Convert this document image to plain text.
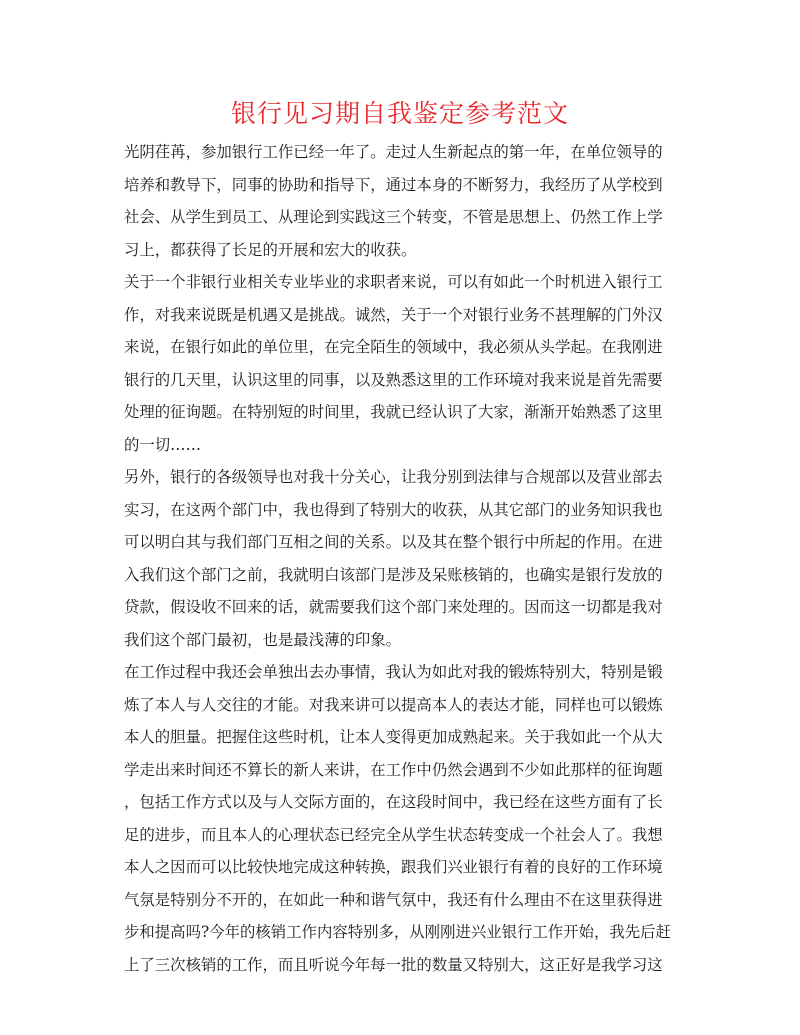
银行见习期自我鉴定参考范文
光阴荏苒，参加银行工作已经一年了。走过人生新起点的第一年，在单位领导的
培养和教导下，同事的协助和指导下，通过本身的不断努力，我经历了从学校到
社会、从学生到员工、从理论到实践这三个转变，不管是思想上、仍然工作上学
习上，都获得了长足的开展和宏大的收获。
关于一个非银行业相关专业毕业的求职者来说，可以有如此一个时机进入银行工
作，对我来说既是机遇又是挑战。诚然，关于一个对银行业务不甚理解的门外汉
来说，在银行如此的单位里，在完全陌生的领域中，我必须从头学起。在我刚进
银行的几天里，认识这里的同事，以及熟悉这里的工作环境对我来说是首先需要
处理的征询题。在特别短的时间里，我就已经认识了大家，渐渐开始熟悉了这里
的一切……
另外，银行的各级领导也对我十分关心，让我分别到法律与合规部以及营业部去
实习，在这两个部门中，我也得到了特别大的收获，从其它部门的业务知识我也
可以明白其与我们部门互相之间的关系。以及其在整个银行中所起的作用。在进
入我们这个部门之前，我就明白该部门是涉及呆账核销的，也确实是银行发放的
贷款，假设收不回来的话，就需要我们这个部门来处理的。因而这一切都是我对
我们这个部门最初，也是最浅薄的印象。
在工作过程中我还会单独出去办事情，我认为如此对我的锻炼特别大，特别是锻
炼了本人与人交往的才能。对我来讲可以提高本人的表达才能，同样也可以锻炼
本人的胆量。把握住这些时机，让本人变得更加成熟起来。关于我如此一个从大
学走出来时间还不算长的新人来讲，在工作中仍然会遇到不少如此那样的征询题
，包括工作方式以及与人交际方面的，在这段时间中，我已经在这些方面有了长
足的进步，而且本人的心理状态已经完全从学生状态转变成一个社会人了。我想
本人之因而可以比较快地完成这种转换，跟我们兴业银行有着的良好的工作环境
气氛是特别分不开的，在如此一种和谐气氛中，我还有什么理由不在这里获得进
步和提高吗?今年的核销工作内容特别多，从刚刚进兴业银行工作开始，我先后赶
上了三次核销的工作，而且听说今年每一批的数量又特别大，这正好是我学习这
